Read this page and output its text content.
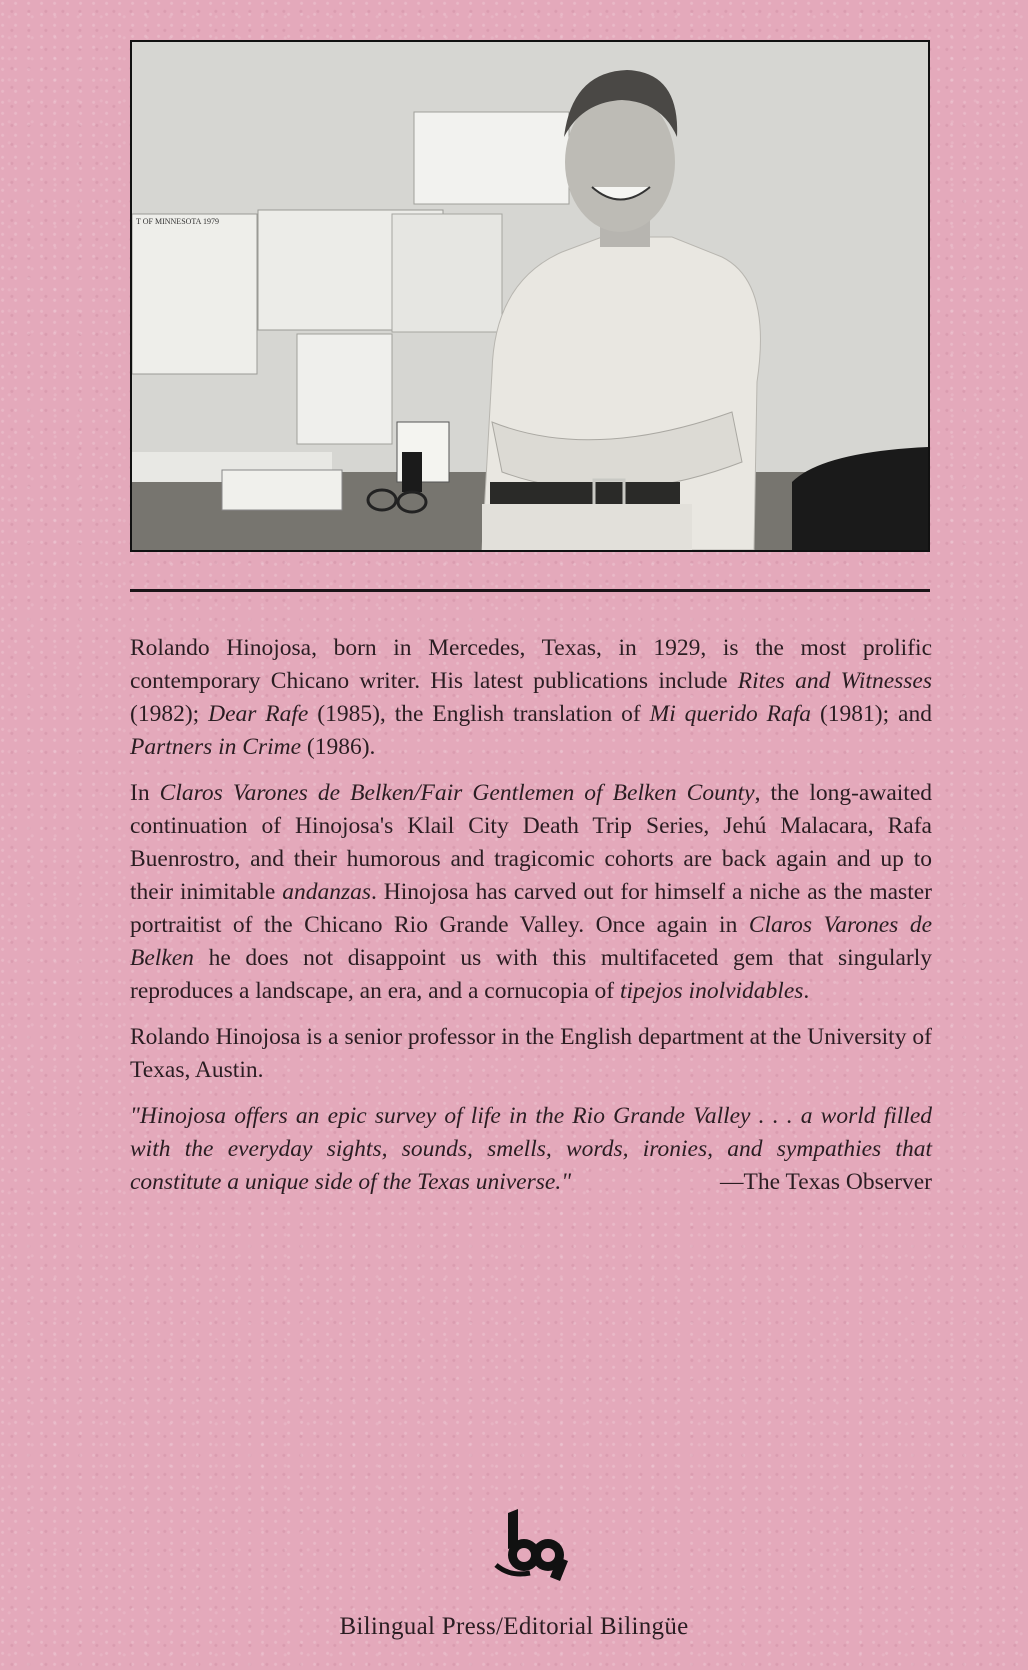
T OF MINNESOTA 1979

Rolando Hinojosa, born in Mercedes, Texas, in 1929, is the most prolific contemporary Chicano writer. His latest publications include Rites and Witnesses (1982); Dear Rafe (1985), the English translation of Mi querido Rafa (1981); and Partners in Crime (1986).

In Claros Varones de Belken/Fair Gentlemen of Belken County, the long-awaited continuation of Hinojosa's Klail City Death Trip Series, Jehú Malacara, Rafa Buenrostro, and their humorous and tragicomic cohorts are back again and up to their inimitable andanzas. Hinojosa has carved out for himself a niche as the master portraitist of the Chicano Rio Grande Valley. Once again in Claros Varones de Belken he does not disappoint us with this multifaceted gem that singularly reproduces a landscape, an era, and a cornucopia of tipejos inolvidables.

Rolando Hinojosa is a senior professor in the English department at the University of Texas, Austin.

"Hinojosa offers an epic survey of life in the Rio Grande Valley . . . a world filled with the everyday sights, sounds, smells, words, ironies, and sympathies that constitute a unique side of the Texas universe."	—The Texas Observer

Bilingual Press/Editorial Bilingüe
